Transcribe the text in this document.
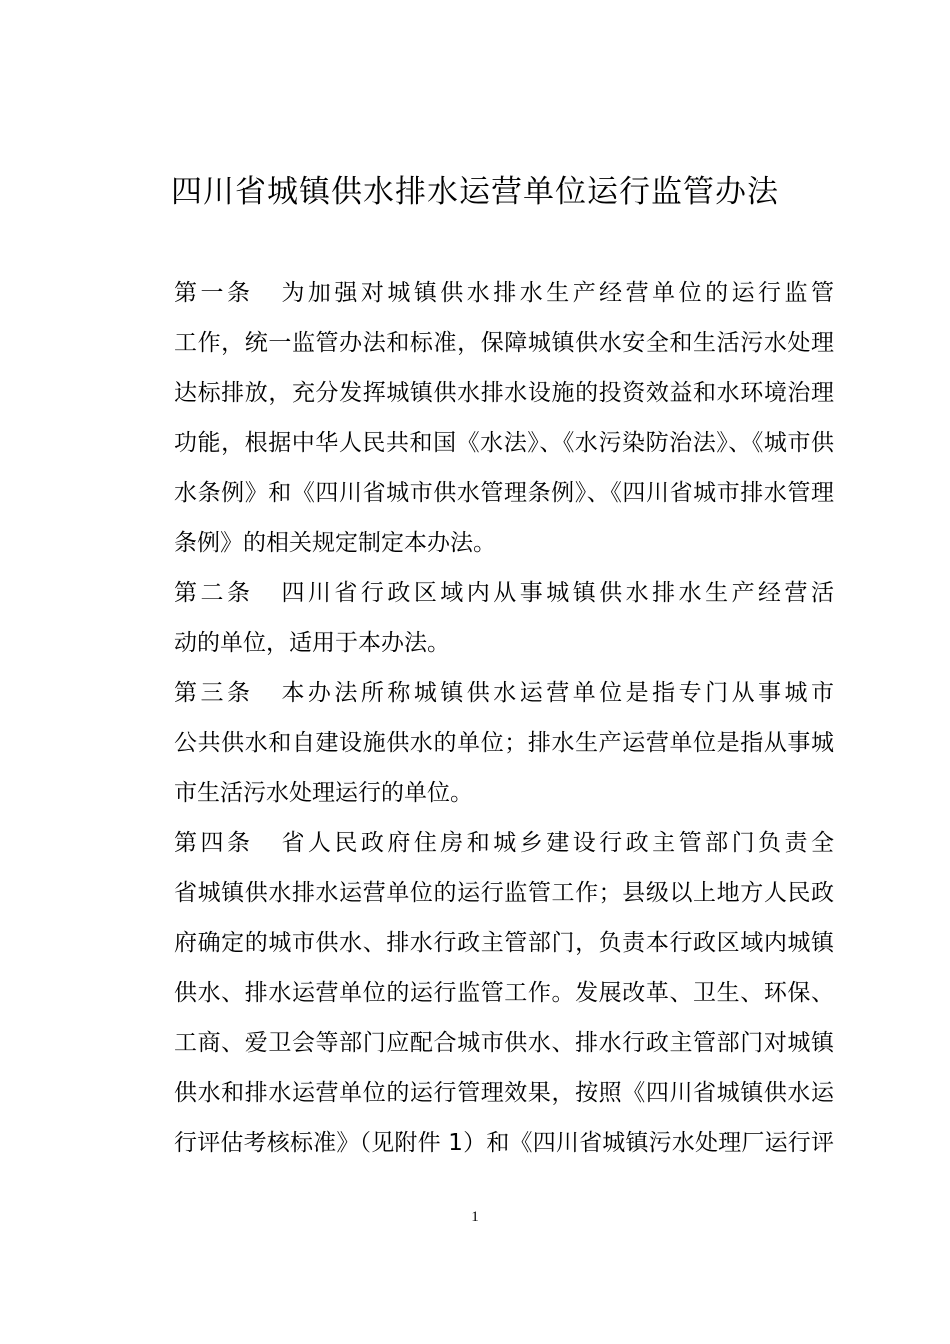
四川省城镇供水排水运营单位运行监管办法
第一条 为加强对城镇供水排水生产经营单位的运行监管
工作，统一监管办法和标准，保障城镇供水安全和生活污水处理
达标排放，充分发挥城镇供水排水设施的投资效益和水环境治理
功能，根据中华人民共和国《水法》、《水污染防治法》、《城市供
水条例》和《四川省城市供水管理条例》、《四川省城市排水管理
条例》的相关规定制定本办法。
第二条 四川省行政区域内从事城镇供水排水生产经营活
动的单位，适用于本办法。
第三条 本办法所称城镇供水运营单位是指专门从事城市
公共供水和自建设施供水的单位；排水生产运营单位是指从事城
市生活污水处理运行的单位。
第四条 省人民政府住房和城乡建设行政主管部门负责全
省城镇供水排水运营单位的运行监管工作；县级以上地方人民政
府确定的城市供水、排水行政主管部门，负责本行政区域内城镇
供水、排水运营单位的运行监管工作。发展改革、卫生、环保、
工商、爱卫会等部门应配合城市供水、排水行政主管部门对城镇
供水和排水运营单位的运行管理效果，按照《四川省城镇供水运
行评估考核标准》（见附件 1）和《四川省城镇污水处理厂运行评
1
